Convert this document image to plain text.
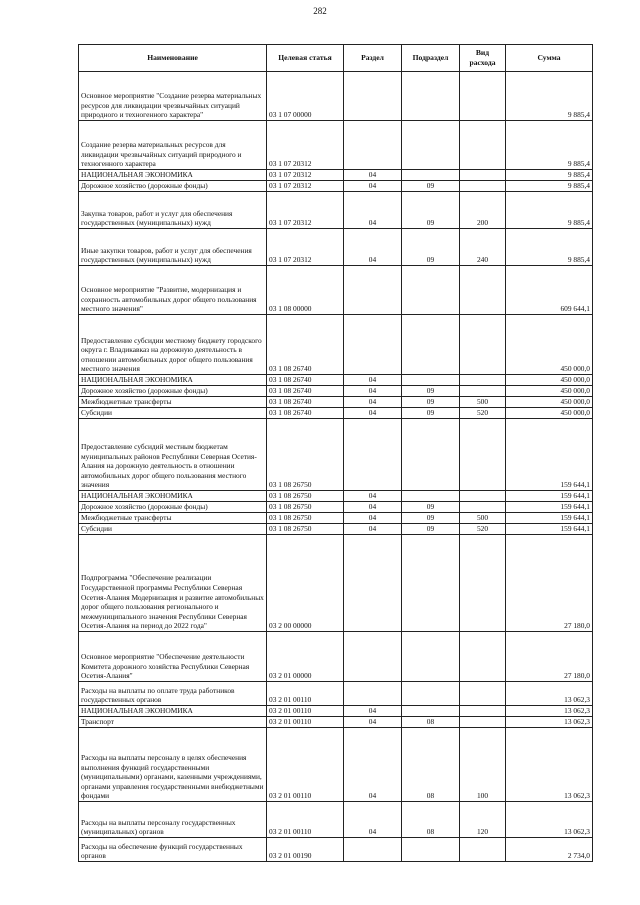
282
Наименование	Целевая статья	Раздел	Подраздел	Вид расхода	Сумма
Основное мероприятие "Создание резерва материальных ресурсов для ликвидации чрезвычайных ситуаций природного и техногенного характера"	03 1 07 00000				9 885,4
Создание резерва материальных ресурсов для ликвидации чрезвычайных ситуаций природного и техногенного характера	03 1 07 20312				9 885,4
НАЦИОНАЛЬНАЯ ЭКОНОМИКА	03 1 07 20312	04			9 885,4
Дорожное хозяйство (дорожные фонды)	03 1 07 20312	04	09		9 885,4
Закупка товаров, работ и услуг для обеспечения государственных (муниципальных) нужд	03 1 07 20312	04	09	200	9 885,4
Иные закупки товаров, работ и услуг для обеспечения государственных (муниципальных) нужд	03 1 07 20312	04	09	240	9 885,4
Основное мероприятие "Развитие, модернизация и сохранность автомобильных дорог общего пользования местного значения"	03 1 08 00000				609 644,1
Предоставление субсидии местному бюджету городского округа г. Владикавказ на дорожную деятельность в отношении автомобильных дорог общего пользования местного значения	03 1 08 26740				450 000,0
НАЦИОНАЛЬНАЯ ЭКОНОМИКА	03 1 08 26740	04			450 000,0
Дорожное хозяйство (дорожные фонды)	03 1 08 26740	04	09		450 000,0
Межбюджетные трансферты	03 1 08 26740	04	09	500	450 000,0
Субсидии	03 1 08 26740	04	09	520	450 000,0
Предоставление субсидий местным бюджетам муниципальных районов Республики Северная Осетия-Алания на дорожную деятельность в отношении автомобильных дорог общего пользования местного значения	03 1 08 26750				159 644,1
НАЦИОНАЛЬНАЯ ЭКОНОМИКА	03 1 08 26750	04			159 644,1
Дорожное хозяйство (дорожные фонды)	03 1 08 26750	04	09		159 644,1
Межбюджетные трансферты	03 1 08 26750	04	09	500	159 644,1
Субсидии	03 1 08 26750	04	09	520	159 644,1
Подпрограмма "Обеспечение реализации Государственной программы Республики Северная Осетия-Алания Модернизация и развитие автомобильных дорог общего пользования регионального и межмуниципального значения Республики Северная Осетия-Алания на период до 2022 года"	03 2 00 00000				27 180,0
Основное мероприятие "Обеспечение деятельности Комитета дорожного хозяйства Республики Северная Осетия-Алания"	03 2 01 00000				27 180,0
Расходы на выплаты по оплате труда работников государственных органов	03 2 01 00110				13 062,3
НАЦИОНАЛЬНАЯ ЭКОНОМИКА	03 2 01 00110	04			13 062,3
Транспорт	03 2 01 00110	04	08		13 062,3
Расходы на выплаты персоналу в целях обеспечения выполнения функций государственными (муниципальными) органами, казенными учреждениями, органами управления государственными внебюджетными фондами	03 2 01 00110	04	08	100	13 062,3
Расходы на выплаты персоналу государственных (муниципальных) органов	03 2 01 00110	04	08	120	13 062,3
Расходы на обеспечение функций государственных органов	03 2 01 00190				2 734,0
